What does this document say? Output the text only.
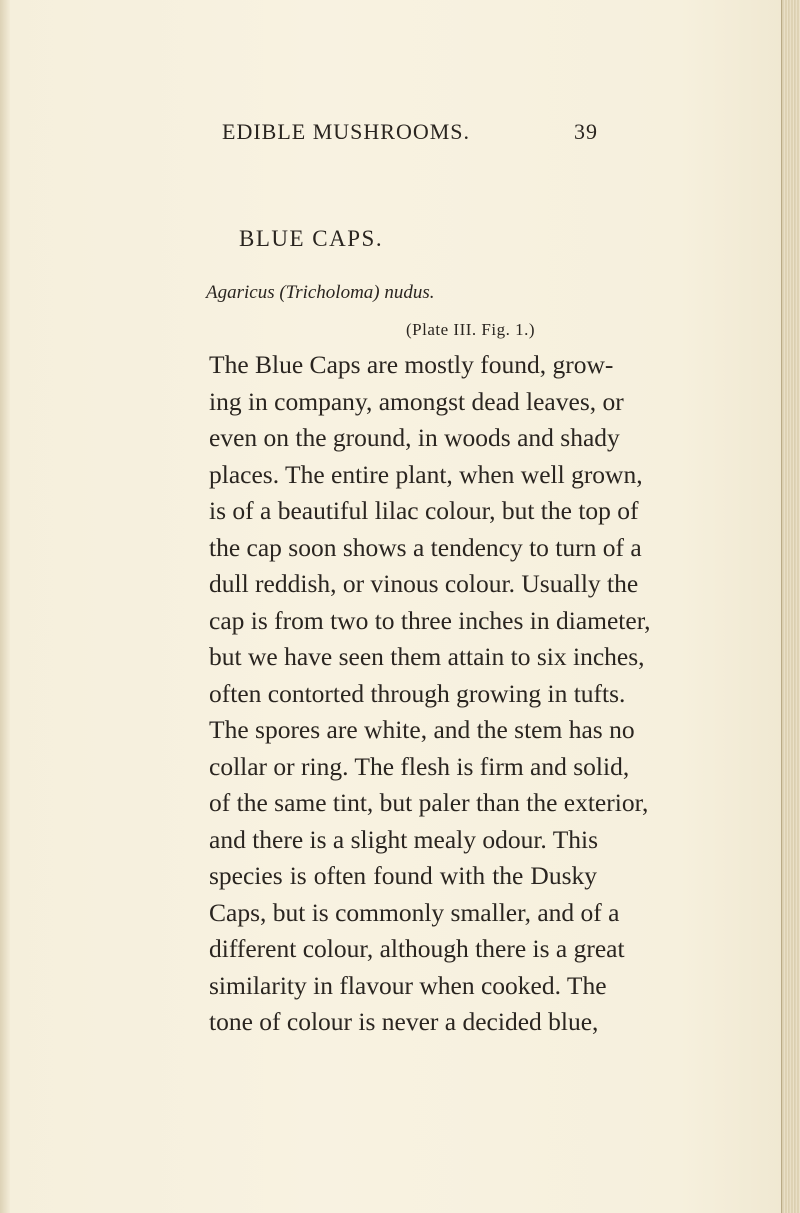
EDIBLE MUSHROOMS.	39
BLUE CAPS.
Agaricus (Tricholoma) nudus.
(Plate III. Fig. 1.)
The Blue Caps are mostly found, grow-
ing in company, amongst dead leaves, or
even on the ground, in woods and shady
places. The entire plant, when well grown,
is of a beautiful lilac colour, but the top of
the cap soon shows a tendency to turn of a
dull reddish, or vinous colour. Usually the
cap is from two to three inches in diameter,
but we have seen them attain to six inches,
often contorted through growing in tufts.
The spores are white, and the stem has no
collar or ring. The flesh is firm and solid,
of the same tint, but paler than the exterior,
and there is a slight mealy odour. This
species is often found with the Dusky
Caps, but is commonly smaller, and of a
different colour, although there is a great
similarity in flavour when cooked. The
tone of colour is never a decided blue,
